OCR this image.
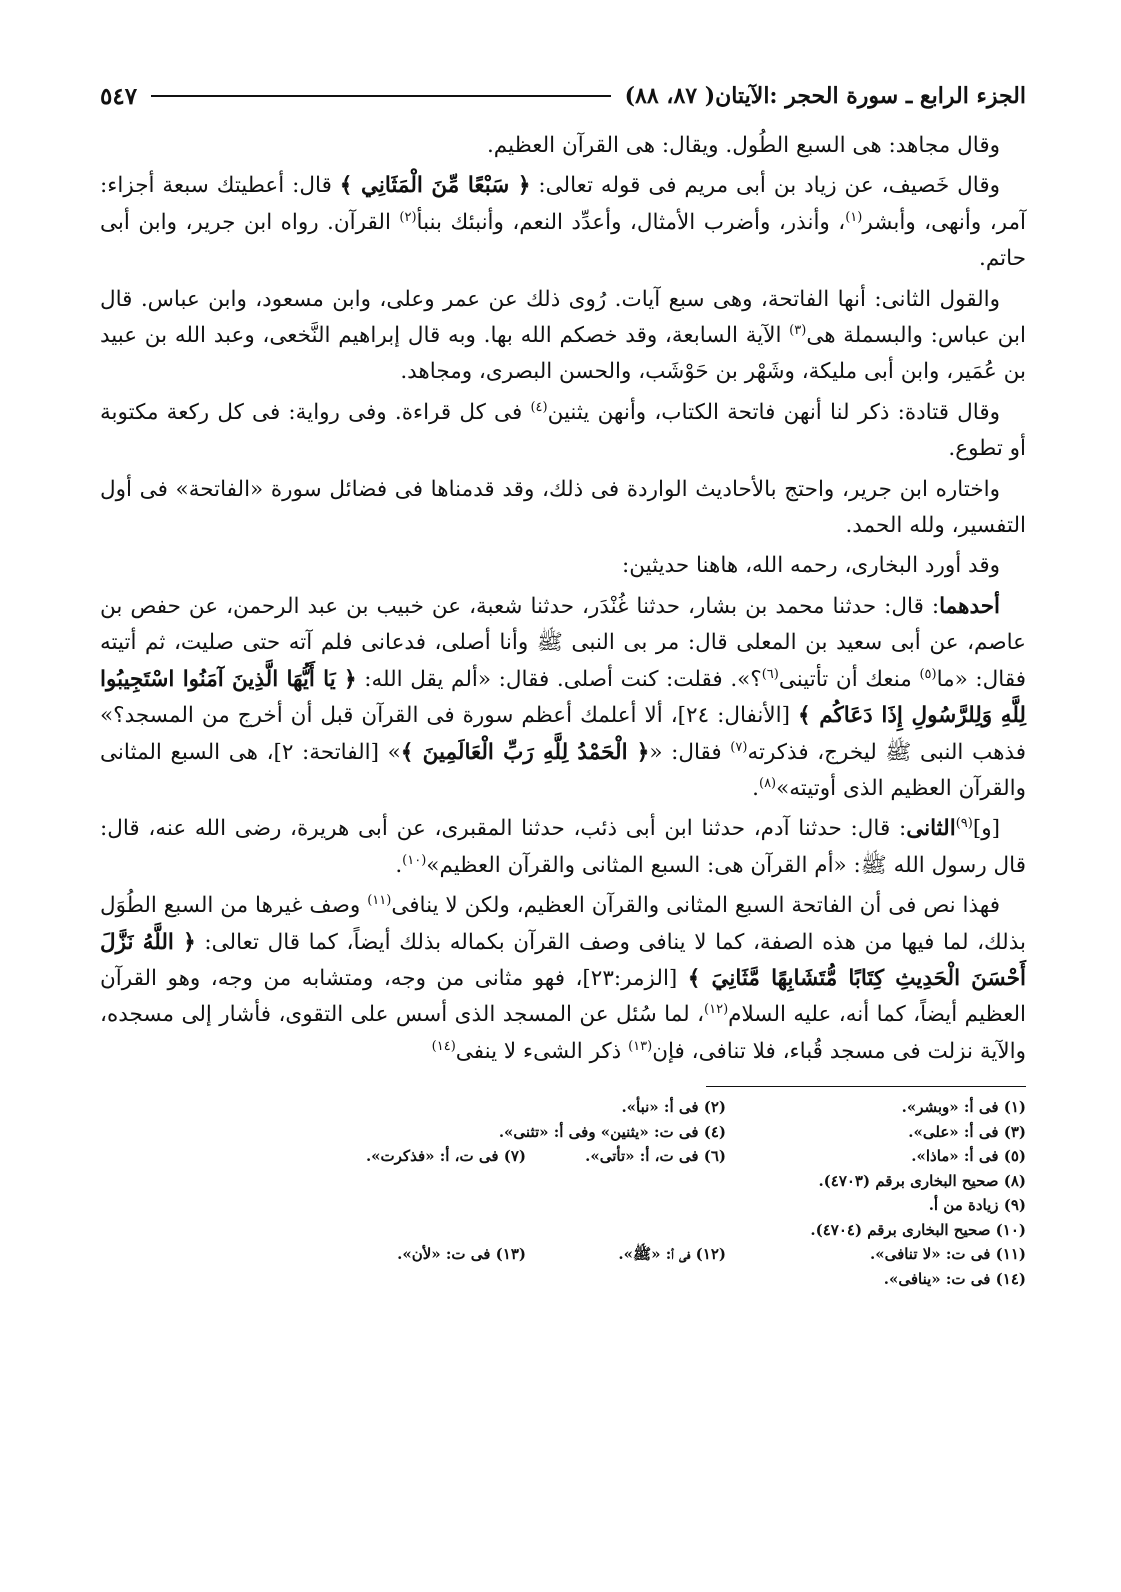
الجزء الرابع ـ سورة الحجر :الآيتان( ٨٧، ٨٨)
٥٤٧

وقال مجاهد: هى السبع الطُول. ويقال: هى القرآن العظيم.

وقال خَصيف، عن زياد بن أبى مريم فى قوله تعالى: ﴿ سَبْعًا مِّنَ الْمَثَانِي ﴾ قال: أعطيتك سبعة أجزاء: آمر، وأنهى، وأبشر$^{(١)}$، وأنذر، وأضرب الأمثال، وأعدِّد النعم، وأنبئك بنبأ$^{(٢)}$ القرآن. رواه ابن جرير، وابن أبى حاتم.

والقول الثانى: أنها الفاتحة، وهى سبع آيات. رُوى ذلك عن عمر وعلى، وابن مسعود، وابن عباس. قال ابن عباس: والبسملة هى$^{(٣)}$ الآية السابعة، وقد خصكم الله بها. وبه قال إبراهيم النَّخعى، وعبد الله بن عبيد بن عُمَير، وابن أبى مليكة، وشَهْر بن حَوْشَب، والحسن البصرى، ومجاهد.

وقال قتادة: ذكر لنا أنهن فاتحة الكتاب، وأنهن يثنين$^{(٤)}$ فى كل قراءة. وفى رواية: فى كل ركعة مكتوبة أو تطوع.

واختاره ابن جرير، واحتج بالأحاديث الواردة فى ذلك، وقد قدمناها فى فضائل سورة «الفاتحة» فى أول التفسير، ولله الحمد.

وقد أورد البخارى، رحمه الله، هاهنا حديثين:

أحدهما: قال: حدثنا محمد بن بشار، حدثنا غُنْدَر، حدثنا شعبة، عن خبيب بن عبد الرحمن، عن حفص بن عاصم، عن أبى سعيد بن المعلى قال: مر بى النبى ﷺ وأنا أصلى، فدعانى فلم آته حتى صليت، ثم أتيته فقال: «ما$^{(٥)}$ منعك أن تأتينى$^{(٦)}$؟». فقلت: كنت أصلى. فقال: «ألم يقل الله: ﴿ يَا أَيُّهَا الَّذِينَ آمَنُوا اسْتَجِيبُوا لِلَّهِ وَلِلرَّسُولِ إِذَا دَعَاكُم ﴾ [الأنفال: ٢٤]، ألا أعلمك أعظم سورة فى القرآن قبل أن أخرج من المسجد؟» فذهب النبى ﷺ ليخرج، فذكرته$^{(٧)}$ فقال: «﴿ الْحَمْدُ لِلَّهِ رَبِّ الْعَالَمِينَ ﴾» [الفاتحة: ٢]، هى السبع المثانى والقرآن العظيم الذى أوتيته»$^{(٨)}$.

[و]$^{(٩)}$الثانى: قال: حدثنا آدم، حدثنا ابن أبى ذئب، حدثنا المقبرى، عن أبى هريرة، رضى الله عنه، قال: قال رسول الله ﷺ: «أم القرآن هى: السبع المثانى والقرآن العظيم»$^{(١٠)}$.

فهذا نص فى أن الفاتحة السبع المثانى والقرآن العظيم، ولكن لا ينافى$^{(١١)}$ وصف غيرها من السبع الطُوَل بذلك، لما فيها من هذه الصفة، كما لا ينافى وصف القرآن بكماله بذلك أيضاً، كما قال تعالى: ﴿ اللَّهُ نَزَّلَ أَحْسَنَ الْحَدِيثِ كِتَابًا مُّتَشَابِهًا مَّثَانِيَ ﴾ [الزمر:٢٣]، فهو مثانى من وجه، ومتشابه من وجه، وهو القرآن العظيم أيضاً، كما أنه، عليه السلام$^{(١٢)}$، لما سُئل عن المسجد الذى أسس على التقوى، فأشار إلى مسجده، والآية نزلت فى مسجد قُباء، فلا تنافى، فإن$^{(١٣)}$ ذكر الشىء لا ينفى$^{(١٤)}$

(١) فى أ: «وبشر».
(٢) فى أ: «نبأ».
(٣) فى أ: «على».
(٤) فى ت: «يثنين» وفى أ: «تثنى».
(٥) فى أ: «ماذا».
(٦) فى ت، أ: «تأتى».
(٧) فى ت، أ: «فذكرت».
(٨) صحيح البخارى برقم (٤٧٠٣).
(٩) زيادة من أ.
(١٠) صحيح البخارى برقم (٤٧٠٤).
(١١) فى ت: «لا تنافى».
(١٢) فى أ: «ﷺ».
(١٣) فى ت: «لأن».
(١٤) فى ت: «ينافى».
